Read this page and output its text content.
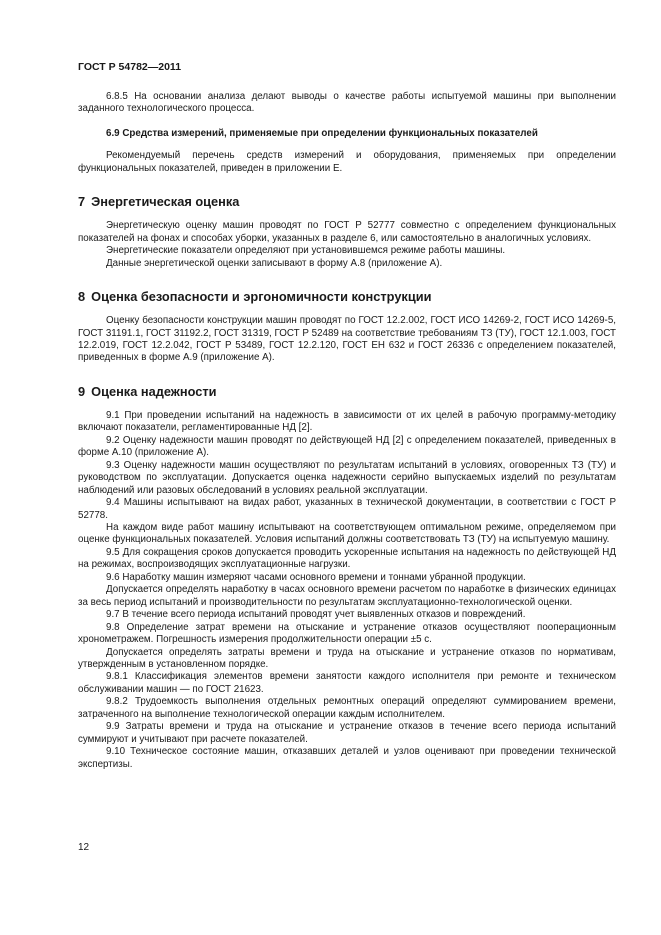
ГОСТ Р 54782—2011

6.8.5 На основании анализа делают выводы о качестве работы испытуемой машины при выполнении заданного технологического процесса.

6.9 Средства измерений, применяемые при определении функциональных показателей

Рекомендуемый перечень средств измерений и оборудования, применяемых при определении функциональных показателей, приведен в приложении Е.

7 Энергетическая оценка

Энергетическую оценку машин проводят по ГОСТ Р 52777 совместно с определением функциональных показателей на фонах и способах уборки, указанных в разделе 6, или самостоятельно в аналогичных условиях.

Энергетические показатели определяют при установившемся режиме работы машины.

Данные энергетической оценки записывают в форму А.8 (приложение А).

8 Оценка безопасности и эргономичности конструкции

Оценку безопасности конструкции машин проводят по ГОСТ 12.2.002, ГОСТ ИСО 14269-2, ГОСТ ИСО 14269-5, ГОСТ 31191.1, ГОСТ 31192.2, ГОСТ 31319, ГОСТ Р 52489 на соответствие требованиям ТЗ (ТУ), ГОСТ 12.1.003, ГОСТ 12.2.019, ГОСТ 12.2.042, ГОСТ Р 53489, ГОСТ 12.2.120, ГОСТ ЕН 632 и ГОСТ 26336 с определением показателей, приведенных в форме А.9 (приложение А).

9 Оценка надежности

9.1 При проведении испытаний на надежность в зависимости от их целей в рабочую программу-методику включают показатели, регламентированные НД [2].

9.2 Оценку надежности машин проводят по действующей НД [2] с определением показателей, приведенных в форме А.10 (приложение А).

9.3 Оценку надежности машин осуществляют по результатам испытаний в условиях, оговоренных ТЗ (ТУ) и руководством по эксплуатации. Допускается оценка надежности серийно выпускаемых изделий по результатам наблюдений или разовых обследований в условиях реальной эксплуатации.

9.4 Машины испытывают на видах работ, указанных в технической документации, в соответствии с ГОСТ Р 52778.

На каждом виде работ машину испытывают на соответствующем оптимальном режиме, определяемом при оценке функциональных показателей. Условия испытаний должны соответствовать ТЗ (ТУ) на испытуемую машину.

9.5 Для сокращения сроков допускается проводить ускоренные испытания на надежность по действующей НД на режимах, воспроизводящих эксплуатационные нагрузки.

9.6 Наработку машин измеряют часами основного времени и тоннами убранной продукции.

Допускается определять наработку в часах основного времени расчетом по наработке в физических единицах за весь период испытаний и производительности по результатам эксплуатационно-технологической оценки.

9.7 В течение всего периода испытаний проводят учет выявленных отказов и повреждений.

9.8 Определение затрат времени на отыскание и устранение отказов осуществляют пооперационным хронометражем. Погрешность измерения продолжительности операции ±5 с.

Допускается определять затраты времени и труда на отыскание и устранение отказов по нормативам, утвержденным в установленном порядке.

9.8.1 Классификация элементов времени занятости каждого исполнителя при ремонте и техническом обслуживании машин — по ГОСТ 21623.

9.8.2 Трудоемкость выполнения отдельных ремонтных операций определяют суммированием времени, затраченного на выполнение технологической операции каждым исполнителем.

9.9 Затраты времени и труда на отыскание и устранение отказов в течение всего периода испытаний суммируют и учитывают при расчете показателей.

9.10 Техническое состояние машин, отказавших деталей и узлов оценивают при проведении технической экспертизы.

12
